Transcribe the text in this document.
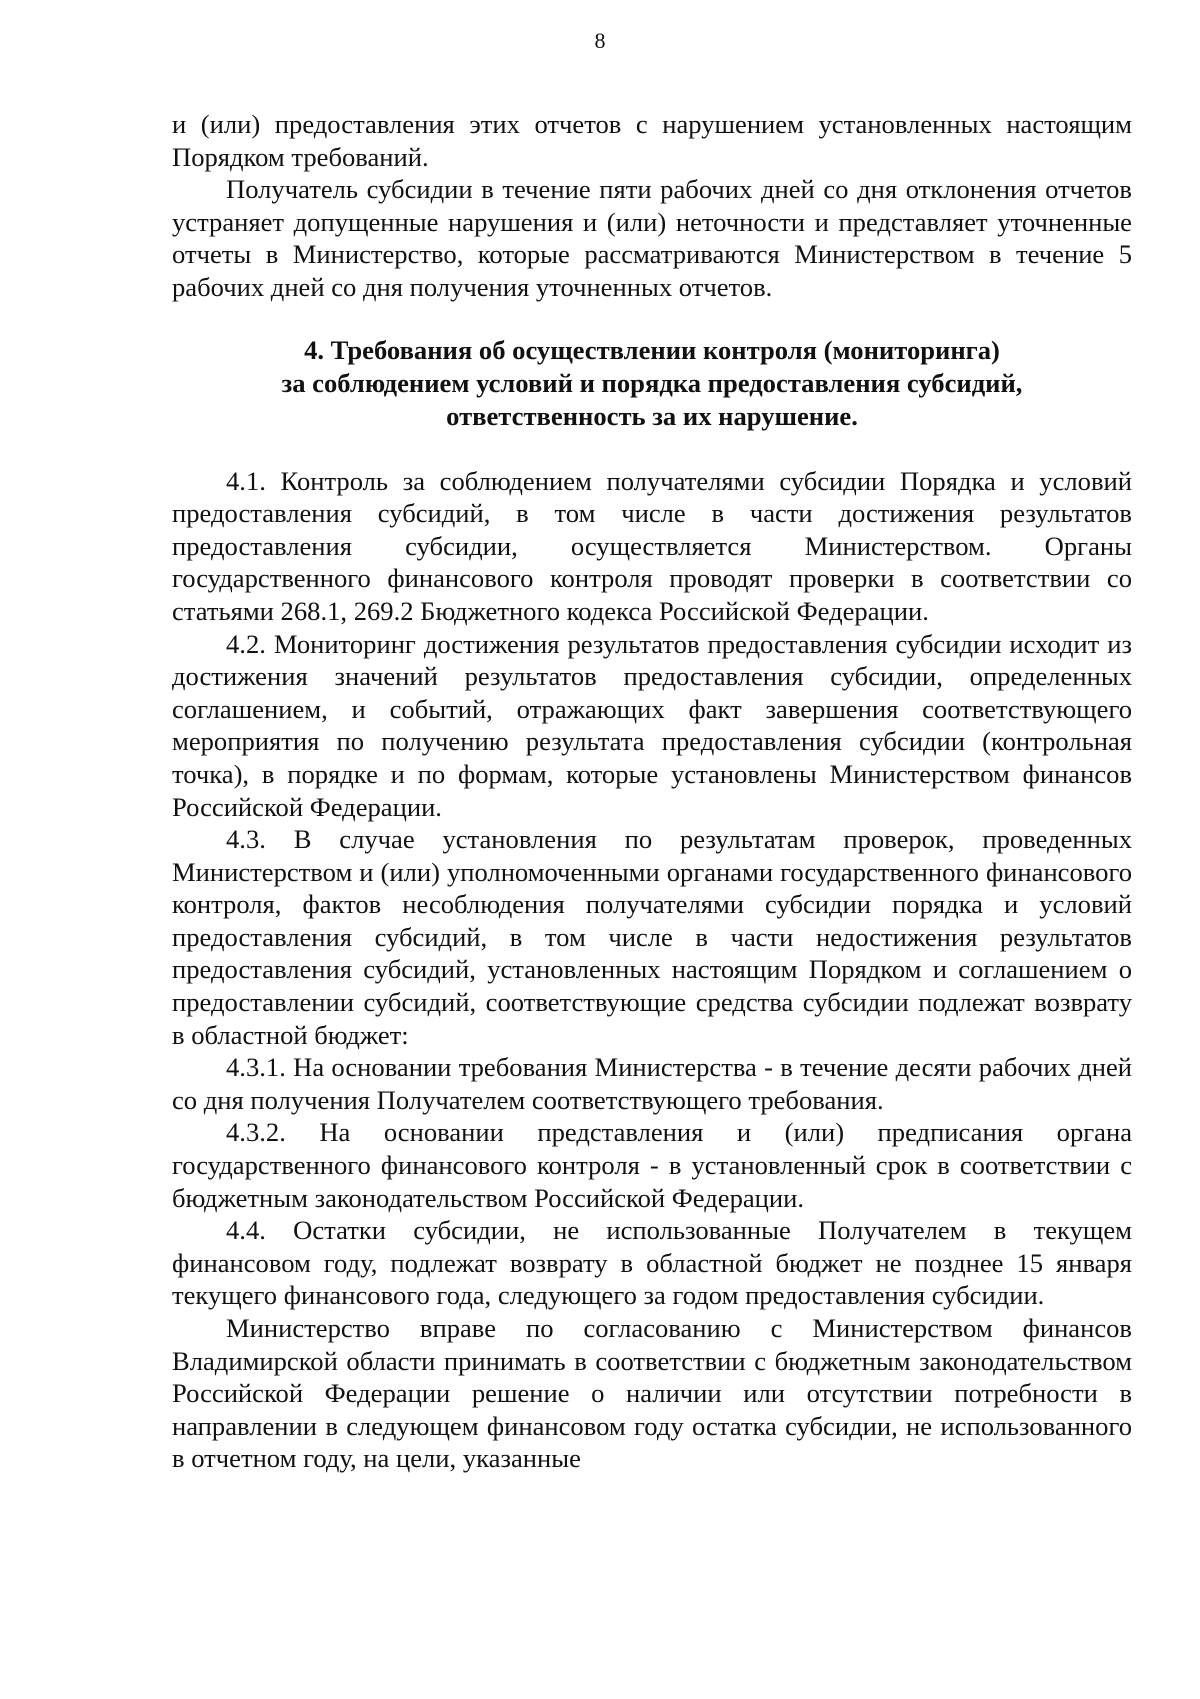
8

и (или) предоставления этих отчетов с нарушением установленных настоящим Порядком требований.

Получатель субсидии в течение пяти рабочих дней со дня отклонения отчетов устраняет допущенные нарушения и (или) неточности и представляет уточненные отчеты в Министерство, которые рассматриваются Министерством в течение 5 рабочих дней со дня получения уточненных отчетов.

4. Требования об осуществлении контроля (мониторинга)
за соблюдением условий и порядка предоставления субсидий,
ответственность за их нарушение.

4.1. Контроль за соблюдением получателями субсидии Порядка и условий предоставления субсидий, в том числе в части достижения результатов предоставления субсидии, осуществляется Министерством. Органы государственного финансового контроля проводят проверки в соответствии со статьями 268.1, 269.2 Бюджетного кодекса Российской Федерации.

4.2. Мониторинг достижения результатов предоставления субсидии исходит из достижения значений результатов предоставления субсидии, определенных соглашением, и событий, отражающих факт завершения соответствующего мероприятия по получению результата предоставления субсидии (контрольная точка), в порядке и по формам, которые установлены Министерством финансов Российской Федерации.

4.3. В случае установления по результатам проверок, проведенных Министерством и (или) уполномоченными органами государственного финансового контроля, фактов несоблюдения получателями субсидии порядка и условий предоставления субсидий, в том числе в части недостижения результатов предоставления субсидий, установленных настоящим Порядком и соглашением о предоставлении субсидий, соответствующие средства субсидии подлежат возврату в областной бюджет:

4.3.1. На основании требования Министерства - в течение десяти рабочих дней со дня получения Получателем соответствующего требования.

4.3.2. На основании представления и (или) предписания органа государственного финансового контроля - в установленный срок в соответствии с бюджетным законодательством Российской Федерации.

4.4. Остатки субсидии, не использованные Получателем в текущем финансовом году, подлежат возврату в областной бюджет не позднее 15 января текущего финансового года, следующего за годом предоставления субсидии.

Министерство вправе по согласованию с Министерством финансов Владимирской области принимать в соответствии с бюджетным законодательством Российской Федерации решение о наличии или отсутствии потребности в направлении в следующем финансовом году остатка субсидии, не использованного в отчетном году, на цели, указанные
